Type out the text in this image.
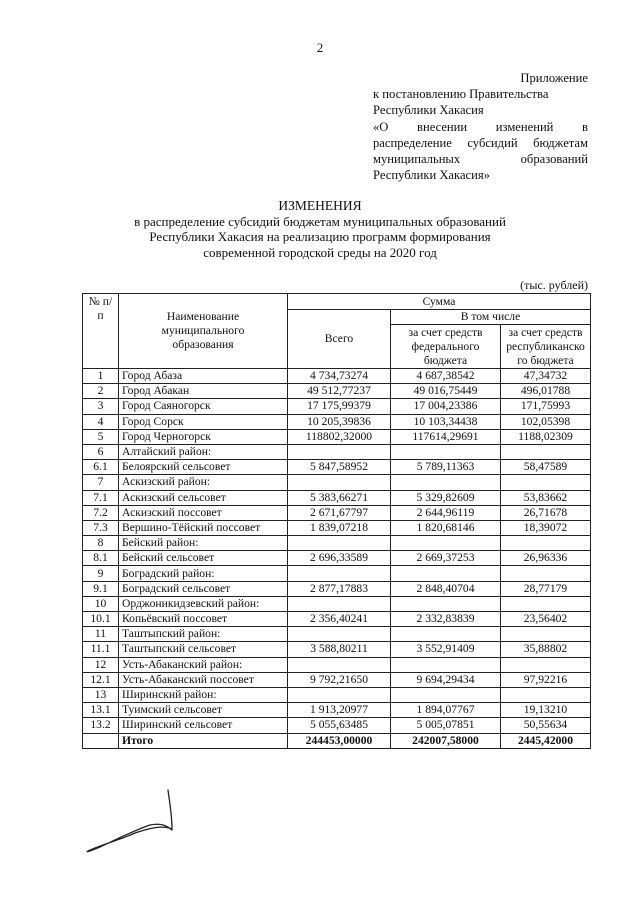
2
Приложение
к постановлению Правительства
Республики Хакасия
«О внесении изменений в
распределение субсидий бюджетам
муниципальных образований
Республики Хакасия»
ИЗМЕНЕНИЯ
в распределение субсидий бюджетам муниципальных образований
Республики Хакасия на реализацию программ формирования
современной городской среды на 2020 год
(тыс. рублей)
№ п/п	Наименование муниципального образования	Сумма		
		Всего	В том числе	
			за счет средств федерального бюджета	за счет средств республиканско го бюджета
1	Город Абаза	4 734,73274	4 687,38542	47,34732
2	Город Абакан	49 512,77237	49 016,75449	496,01788
3	Город Саяногорск	17 175,99379	17 004,23386	171,75993
4	Город Сорск	10 205,39836	10 103,34438	102,05398
5	Город Черногорск	118802,32000	117614,29691	1188,02309
6	Алтайский район:			
6.1	Белоярский сельсовет	5 847,58952	5 789,11363	58,47589
7	Аскизский район:			
7.1	Аскизский сельсовет	5 383,66271	5 329,82609	53,83662
7.2	Аскизский поссовет	2 671,67797	2 644,96119	26,71678
7.3	Вершино-Тёйский поссовет	1 839,07218	1 820,68146	18,39072
8	Бейский район:			
8.1	Бейский сельсовет	2 696,33589	2 669,37253	26,96336
9	Боградский район:			
9.1	Боградский сельсовет	2 877,17883	2 848,40704	28,77179
10	Орджоникидзевский район:			
10.1	Копьёвский поссовет	2 356,40241	2 332,83839	23,56402
11	Таштыпский район:			
11.1	Таштыпский сельсовет	3 588,80211	3 552,91409	35,88802
12	Усть-Абаканский район:			
12.1	Усть-Абаканский поссовет	9 792,21650	9 694,29434	97,92216
13	Ширинский район:			
13.1	Туимский сельсовет	1 913,20977	1 894,07767	19,13210
13.2	Ширинский сельсовет	5 055,63485	5 005,07851	50,55634
	Итого	244453,00000	242007,58000	2445,42000
